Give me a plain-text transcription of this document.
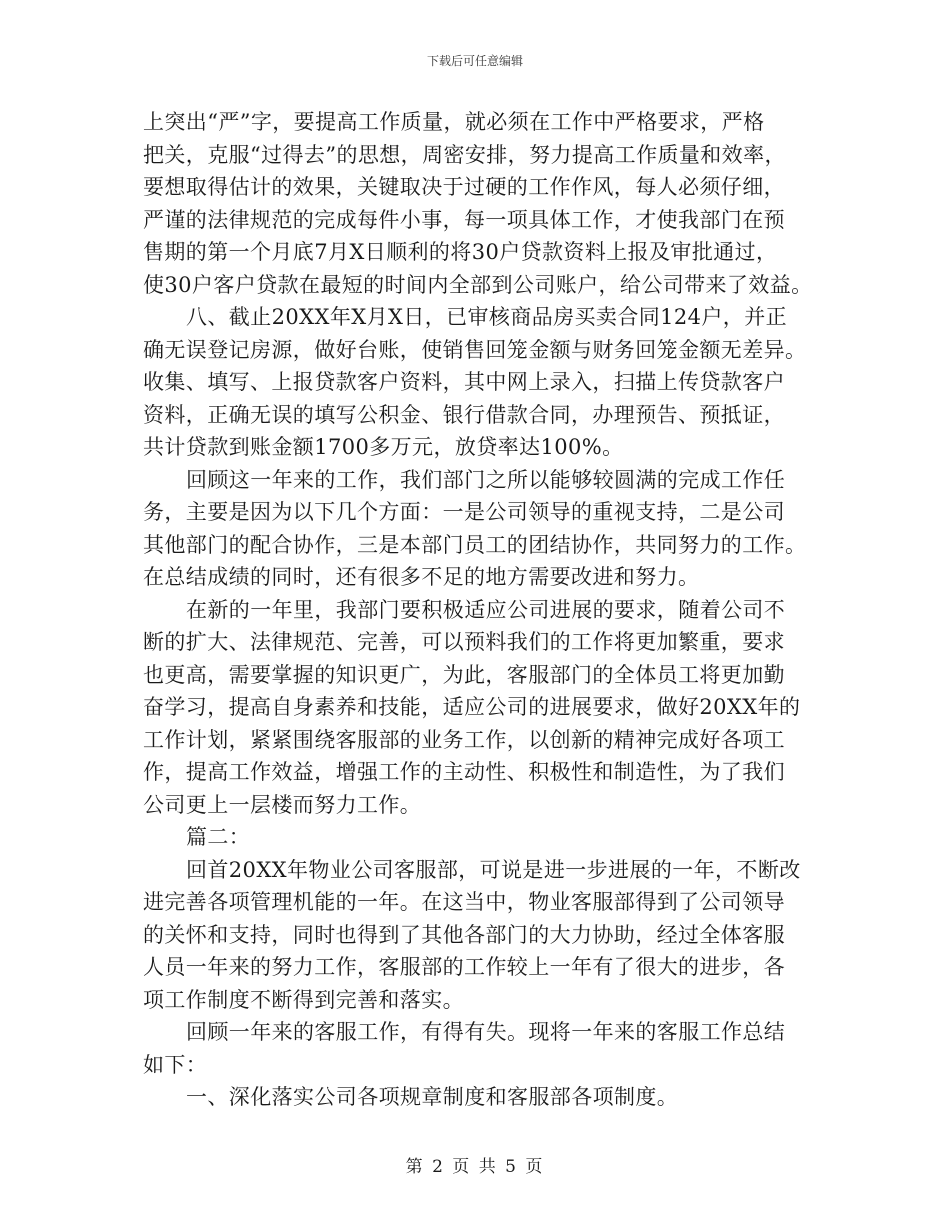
下载后可任意编辑
上突出“严”字，要提高工作质量，就必须在工作中严格要求，严格
把关，克服“过得去”的思想，周密安排，努力提高工作质量和效率，
要想取得估计的效果，关键取决于过硬的工作作风，每人必须仔细，
严谨的法律规范的完成每件小事，每一项具体工作，才使我部门在预
售期的第一个月底7月X日顺利的将30户贷款资料上报及审批通过，
使30户客户贷款在最短的时间内全部到公司账户，给公司带来了效益。
八、截止20XX年X月X日，已审核商品房买卖合同124户，并正
确无误登记房源，做好台账，使销售回笼金额与财务回笼金额无差异。
收集、填写、上报贷款客户资料，其中网上录入，扫描上传贷款客户
资料，正确无误的填写公积金、银行借款合同，办理预告、预抵证，
共计贷款到账金额1700多万元，放贷率达100%。
回顾这一年来的工作，我们部门之所以能够较圆满的完成工作任
务，主要是因为以下几个方面：一是公司领导的重视支持，二是公司
其他部门的配合协作，三是本部门员工的团结协作，共同努力的工作。
在总结成绩的同时，还有很多不足的地方需要改进和努力。
在新的一年里，我部门要积极适应公司进展的要求，随着公司不
断的扩大、法律规范、完善，可以预料我们的工作将更加繁重，要求
也更高，需要掌握的知识更广，为此，客服部门的全体员工将更加勤
奋学习，提高自身素养和技能，适应公司的进展要求，做好20XX年的
工作计划，紧紧围绕客服部的业务工作，以创新的精神完成好各项工
作，提高工作效益，增强工作的主动性、积极性和制造性，为了我们
公司更上一层楼而努力工作。
篇二：
回首20XX年物业公司客服部，可说是进一步进展的一年，不断改
进完善各项管理机能的一年。在这当中，物业客服部得到了公司领导
的关怀和支持，同时也得到了其他各部门的大力协助，经过全体客服
人员一年来的努力工作，客服部的工作较上一年有了很大的进步，各
项工作制度不断得到完善和落实。
回顾一年来的客服工作，有得有失。现将一年来的客服工作总结
如下：
一、深化落实公司各项规章制度和客服部各项制度。
第 2 页 共 5 页
